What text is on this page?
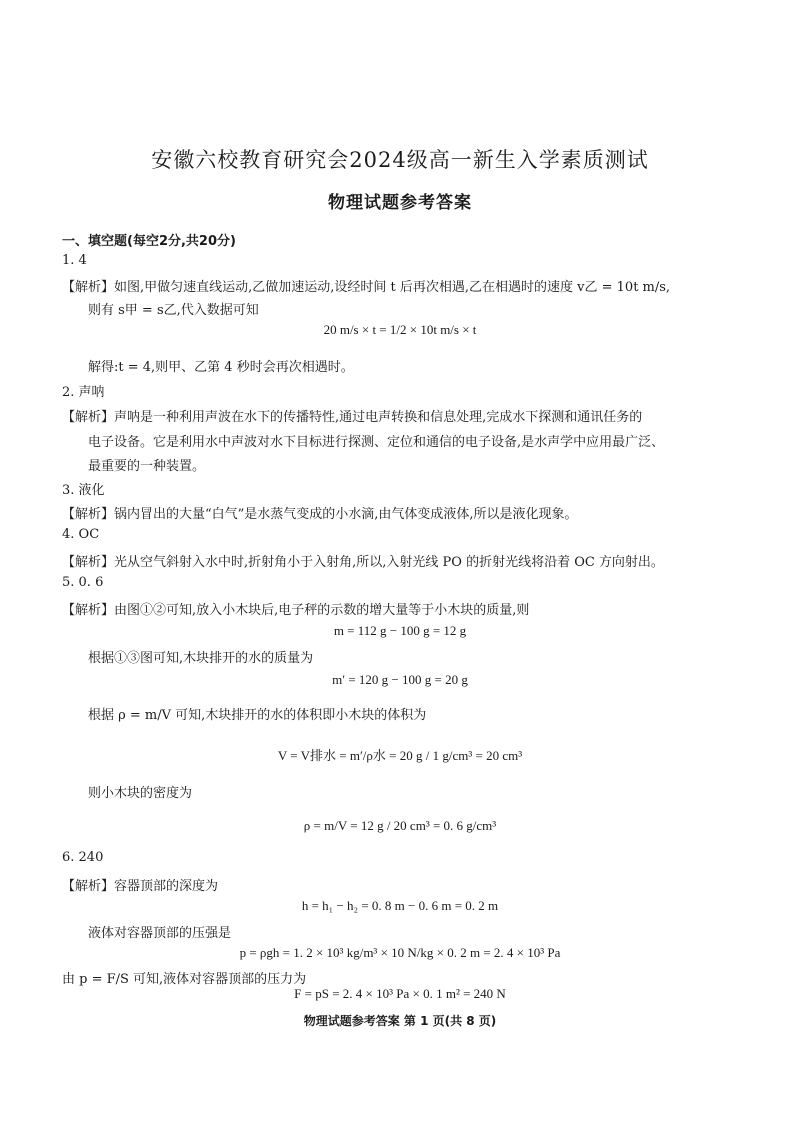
安徽六校教育研究会2024级高一新生入学素质测试
物理试题参考答案
一、填空题(每空2分,共20分)
1. 4
【解析】如图,甲做匀速直线运动,乙做加速运动,设经时间 t 后再次相遇,乙在相遇时的速度 v乙 = 10t m/s,
则有 s甲 = s乙,代入数据可知
20 m/s × t = 1/2 × 10t m/s × t
解得:t = 4,则甲、乙第 4 秒时会再次相遇时。
2. 声呐
【解析】声呐是一种利用声波在水下的传播特性,通过电声转换和信息处理,完成水下探测和通讯任务的
电子设备。它是利用水中声波对水下目标进行探测、定位和通信的电子设备,是水声学中应用最广泛、
最重要的一种装置。
3. 液化
【解析】锅内冒出的大量“白气”是水蒸气变成的小水滴,由气体变成液体,所以是液化现象。
4. OC
【解析】光从空气斜射入水中时,折射角小于入射角,所以,入射光线 PO 的折射光线将沿着 OC 方向射出。
5. 0. 6
【解析】由图①②可知,放入小木块后,电子秤的示数的增大量等于小木块的质量,则
m = 112 g − 100 g = 12 g
根据①③图可知,木块排开的水的质量为
m′ = 120 g − 100 g = 20 g
根据 ρ = m/V 可知,木块排开的水的体积即小木块的体积为
V = V排水 = m′/ρ水 = 20 g / 1 g/cm³ = 20 cm³
则小木块的密度为
ρ = m/V = 12 g / 20 cm³ = 0. 6 g/cm³
6. 240
【解析】容器顶部的深度为
h = h₁ − h₂ = 0. 8 m − 0. 6 m = 0. 2 m
液体对容器顶部的压强是
p = ρgh = 1. 2 × 10³ kg/m³ × 10 N/kg × 0. 2 m = 2. 4 × 10³ Pa
由 p = F/S 可知,液体对容器顶部的压力为
F = pS = 2. 4 × 10³ Pa × 0. 1 m² = 240 N
物理试题参考答案 第 1 页(共 8 页)
